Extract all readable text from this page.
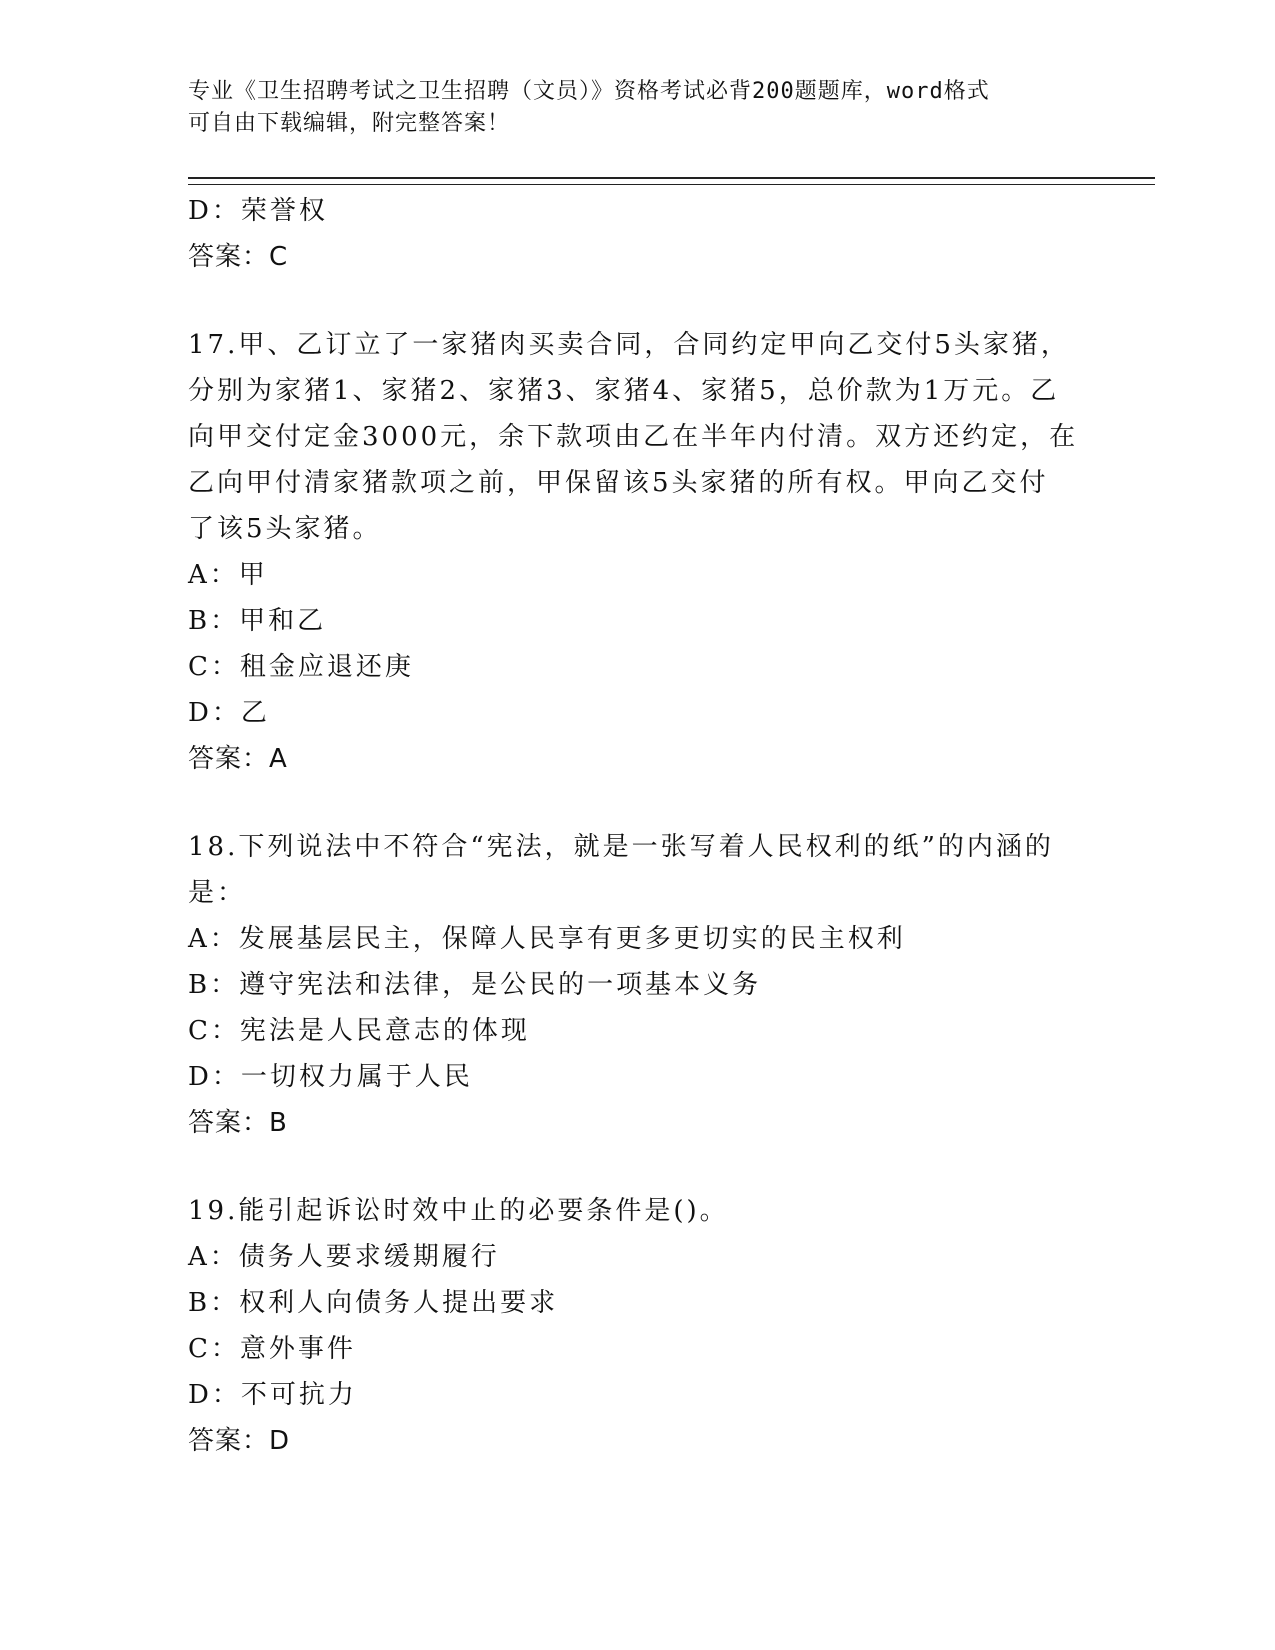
专业《卫生招聘考试之卫生招聘（文员）》资格考试必背200题题库，word格式
可自由下载编辑，附完整答案！
D：荣誉权
答案：C
17.甲、乙订立了一家猪肉买卖合同，合同约定甲向乙交付5头家猪，
分别为家猪1、家猪2、家猪3、家猪4、家猪5，总价款为1万元。乙
向甲交付定金3000元，余下款项由乙在半年内付清。双方还约定，在
乙向甲付清家猪款项之前，甲保留该5头家猪的所有权。甲向乙交付
了该5头家猪。
A：甲
B：甲和乙
C：租金应退还庚
D：乙
答案：A
18.下列说法中不符合“宪法，就是一张写着人民权利的纸”的内涵的
是：
A：发展基层民主，保障人民享有更多更切实的民主权利
B：遵守宪法和法律，是公民的一项基本义务
C：宪法是人民意志的体现
D：一切权力属于人民
答案：B
19.能引起诉讼时效中止的必要条件是()。
A：债务人要求缓期履行
B：权利人向债务人提出要求
C：意外事件
D：不可抗力
答案：D
